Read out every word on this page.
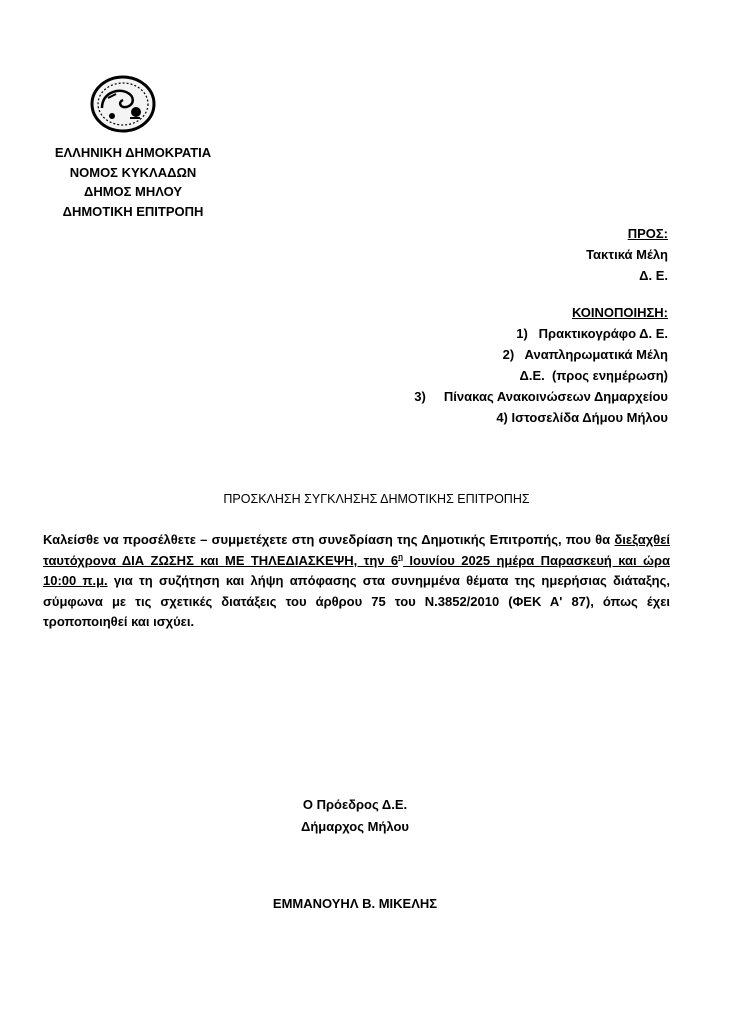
ΕΛΛΗΝΙΚΗ ΔΗΜΟΚΡΑΤΙΑ
ΝΟΜΟΣ ΚΥΚΛΑΔΩΝ
ΔΗΜΟΣ ΜΗΛΟΥ
ΔΗΜΟΤΙΚΗ ΕΠΙΤΡΟΠΗ
ΠΡΟΣ:
Τακτικά Μέλη
Δ. Ε.
ΚΟΙΝΟΠΟΙΗΣΗ:
1)   Πρακτικογράφο Δ. Ε.
2)   Αναπληρωματικά Μέλη
Δ.Ε.  (προς ενημέρωση)
3)     Πίνακας Ανακοινώσεων Δημαρχείου
4) Ιστοσελίδα Δήμου Μήλου
ΠΡΟΣΚΛΗΣΗ ΣΥΓΚΛΗΣΗΣ ΔΗΜΟΤΙΚΗΣ ΕΠΙΤΡΟΠΗΣ

Καλείσθε να προσέλθετε – συμμετέχετε στη συνεδρίαση της Δημοτικής Επιτροπής, που θα διεξαχθεί ταυτόχρονα ΔΙΑ ΖΩΣΗΣ και ΜΕ ΤΗΛΕΔΙΑΣΚΕΨΗ, την $6^\eta$ Ιουνίου 2025 ημέρα Παρασκευή και ώρα 10:00 π.μ. για τη συζήτηση και λήψη απόφασης στα συνημμένα θέματα της ημερήσιας διάταξης, σύμφωνα με τις σχετικές διατάξεις του άρθρου 75 του Ν.3852/2010 (ΦΕΚ Α' 87), όπως έχει τροποποιηθεί και ισχύει.

Ο Πρόεδρος Δ.Ε.
Δήμαρχος Μήλου
ΕΜΜΑΝΟΥΗΛ Β. ΜΙΚΕΛΗΣ
